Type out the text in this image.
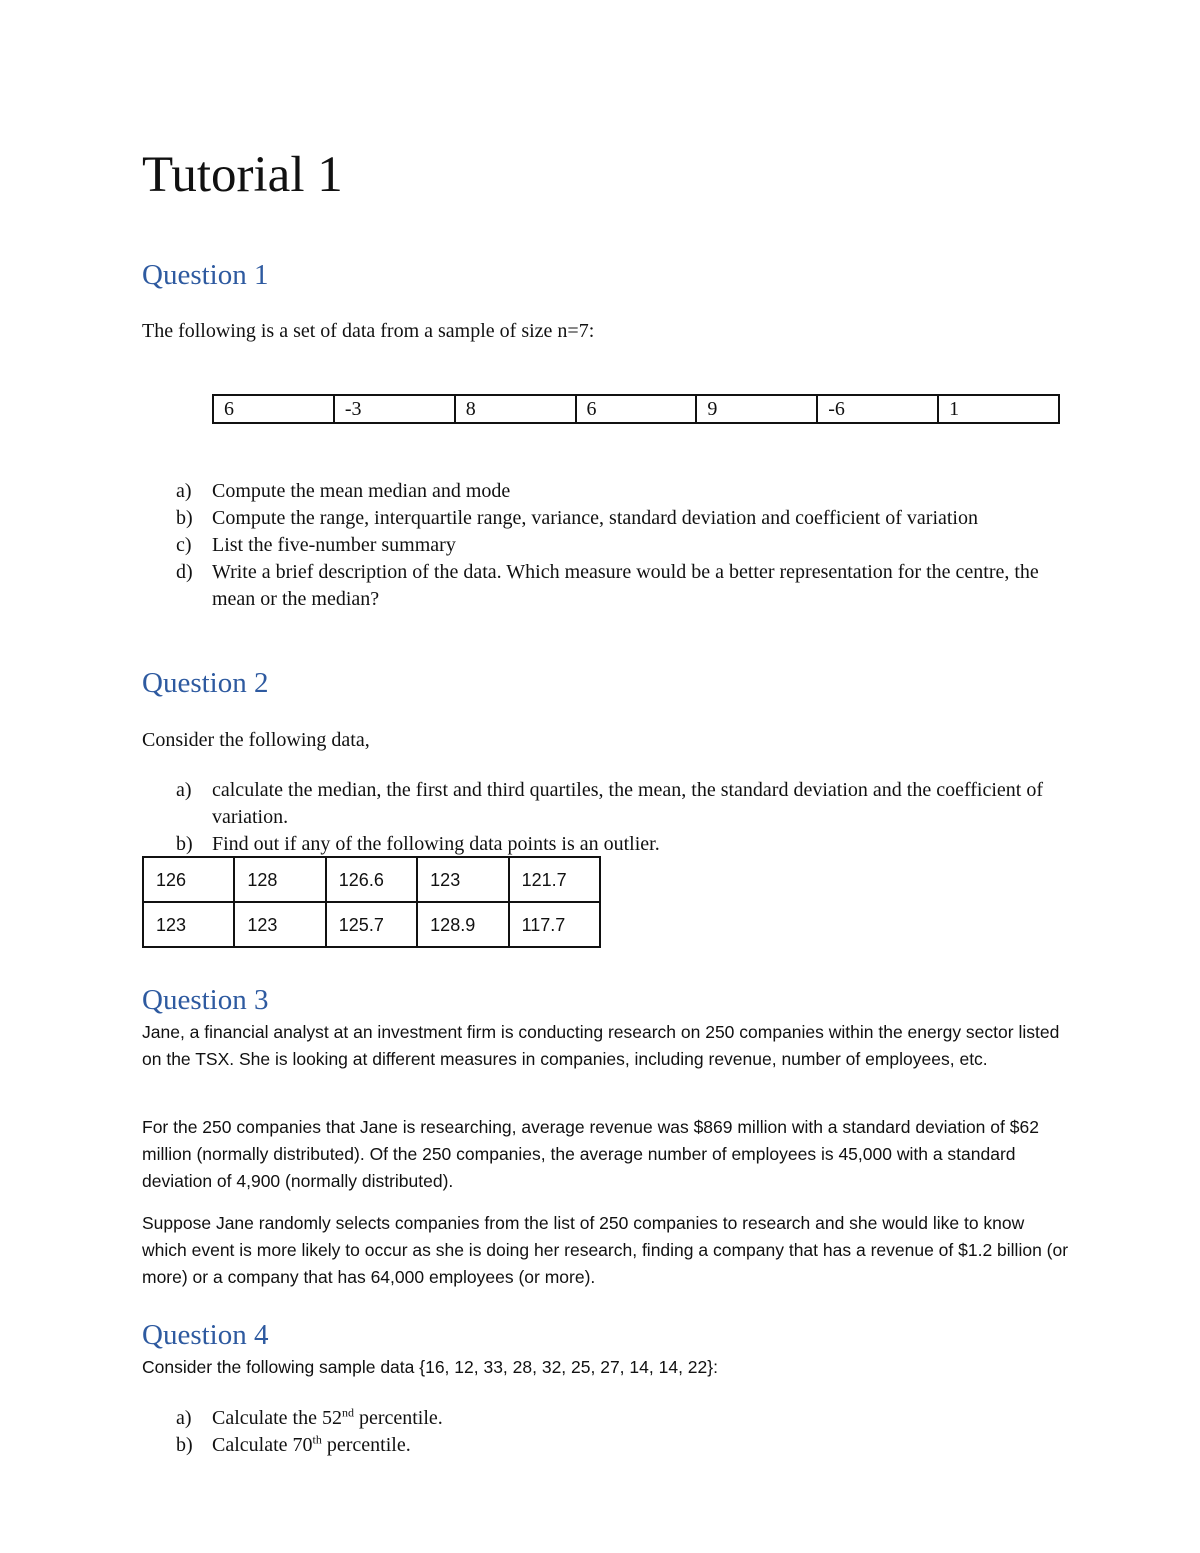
Tutorial 1
Question 1

The following is a set of data from a sample of size n=7:

6	-3	8	6	9	-6	1
a) Compute the mean median and mode
b) Compute the range, interquartile range, variance, standard deviation and coefficient of variation
c) List the five-number summary
d) Write a brief description of the data. Which measure would be a better representation for the centre, the mean or the median?
Question 2

Consider the following data,

a) calculate the median, the first and third quartiles, the mean, the standard deviation and the coefficient of variation.
b) Find out if any of the following data points is an outlier.
126	128	126.6	123	121.7
123	123	125.7	128.9	117.7
Question 3

Jane, a financial analyst at an investment firm is conducting research on 250 companies within the energy sector listed on the TSX. She is looking at different measures in companies, including revenue, number of employees, etc.

For the 250 companies that Jane is researching, average revenue was $869 million with a standard deviation of $62 million (normally distributed). Of the 250 companies, the average number of employees is 45,000 with a standard deviation of 4,900 (normally distributed).

Suppose Jane randomly selects companies from the list of 250 companies to research and she would like to know which event is more likely to occur as she is doing her research, finding a company that has a revenue of $1.2 billion (or more) or a company that has 64,000 employees (or more).

Question 4

Consider the following sample data {16, 12, 33, 28, 32, 25, 27, 14, 14, 22}:

a) Calculate the 52nd percentile.
b) Calculate 70th percentile.
